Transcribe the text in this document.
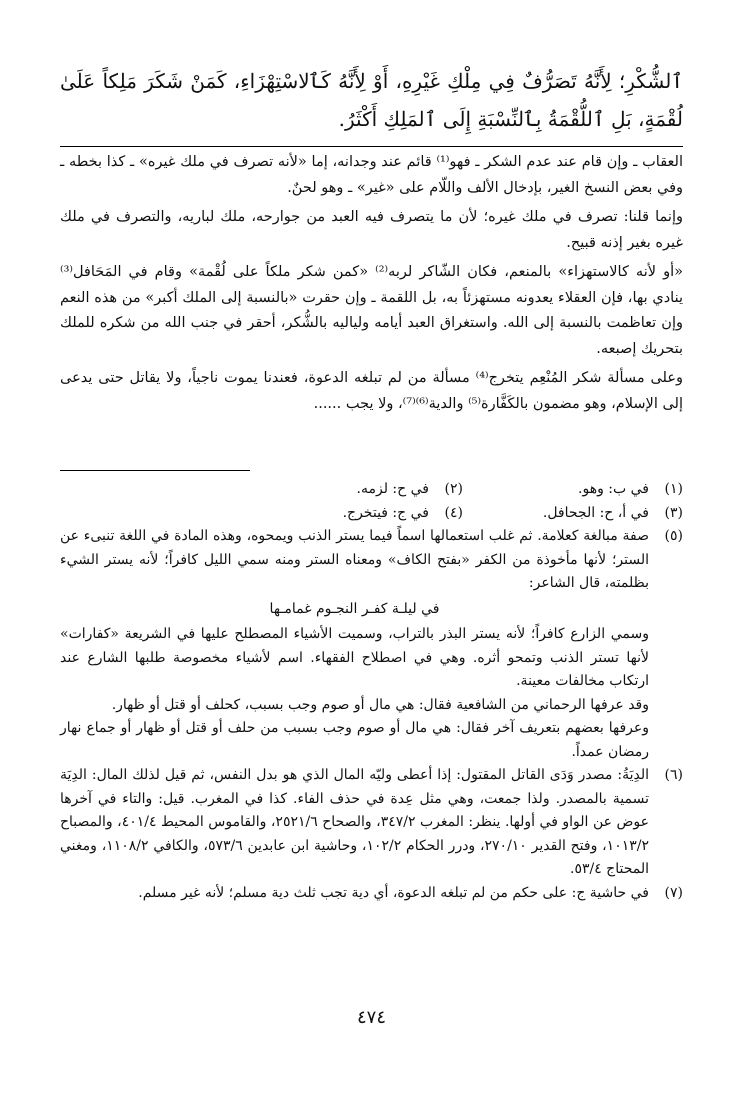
ٱلشُّكْرِ؛ لِأَنَّهُ تَصَرُّفٌ فِي مِلْكِ غَيْرِهِ، أَوْ لِأَنَّهُ كَٱلاسْتِهْزَاءِ، كَمَنْ شَكَرَ مَلِكاً عَلَىٰ لُقْمَةٍ، بَلِ ٱللُّقْمَةُ بِٱلنِّسْبَةِ إِلَى ٱلمَلِكِ أَكْثَرُ.

العقاب ـ وإن قام عند عدم الشكر ـ فهو⁽¹⁾ قائم عند وجدانه، إما «لأنه تصرف في ملك غيره» ـ كذا بخطه ـ وفي بعض النسخ الغير، بإدخال الألف واللّام على «غير» ـ وهو لحنٌ.

وإنما قلنا: تصرف في ملك غيره؛ لأن ما يتصرف فيه العبد من جوارحه، ملك لباريه، والتصرف في ملك غيره بغير إذنه قبيح.

«أو لأنه كالاستهزاء» بالمنعم، فكان الشّاكر لربه⁽²⁾ «كمن شكر ملكاً على لُقْمة» وقام في المَحَافل⁽³⁾ ينادي بها، فإن العقلاء يعدونه مستهزئاً به، بل اللقمة ـ وإن حقرت «بالنسبة إلى الملك أكبر» من هذه النعم وإن تعاظمت بالنسبة إلى الله. واستغراق العبد أيامه ولياليه بالشُّكر، أحقر في جنب الله من شكره للملك بتحريك إصبعه.

وعلى مسألة شكر المُنْعِم يتخرج⁽⁴⁾ مسألة من لم تبلغه الدعوة، فعندنا يموت ناجياً، ولا يقاتل حتى يدعى إلى الإسلام، وهو مضمون بالكَفَّارة⁽⁵⁾ والدية⁽⁶⁾⁽⁷⁾، ولا يجب ......

(١)
في ب: وهو.
(٢)
في ح: لزمه.
(٣)
في أ، ح: الجحافل.
(٤)
في ج: فيتخرج.
(٥)

صفة مبالغة كعلامة. ثم غلب استعمالها اسماً فيما يستر الذنب ويمحوه، وهذه المادة في اللغة تنبىء عن الستر؛ لأنها مأخوذة من الكفر «بفتح الكاف» ومعناه الستر ومنه سمي الليل كافراً؛ لأنه يستر الشيء بظلمته، قال الشاعر:

في ليلـة كفـر النجـوم غمامـها

وسمي الزارع كافراً؛ لأنه يستر البذر بالتراب، وسميت الأشياء المصطلح عليها في الشريعة «كفارات» لأنها تستر الذنب وتمحو أثره. وهي في اصطلاح الفقهاء. اسم لأشياء مخصوصة طلبها الشارع عند ارتكاب مخالفات معينة.

وقد عرفها الرحماني من الشافعية فقال: هي مال أو صوم وجب بسبب، كحلف أو قتل أو ظهار.

وعرفها بعضهم بتعريف آخر فقال: هي مال أو صوم وجب بسبب من حلف أو قتل أو ظهار أو جماع نهار رمضان عمداً.

(٦)
الدِيَةُ: مصدر وَدَى القاتل المقتول: إذا أعطى وليّه المال الذي هو بدل النفس، ثم قيل لذلك المال: الدِيَة تسمية بالمصدر. ولذا جمعت، وهي مثل عِدة في حذف الفاء. كذا في المغرب. قيل: والتاء في آخرها عوض عن الواو في أولها. ينظر: المغرب ٣٤٧/٢، والصحاح ٢٥٢١/٦، والقاموس المحيط ٤٠١/٤، والمصباح ١٠١٣/٢، وفتح القدير ٢٧٠/١٠، ودرر الحكام ١٠٢/٢، وحاشية ابن عابدين ٥٧٣/٦، والكافي ١١٠٨/٢، ومغني المحتاج ٥٣/٤.
(٧)
في حاشية ج: على حكم من لم تبلغه الدعوة، أي دية تجب ثلث دية مسلم؛ لأنه غير مسلم.
٤٧٤
